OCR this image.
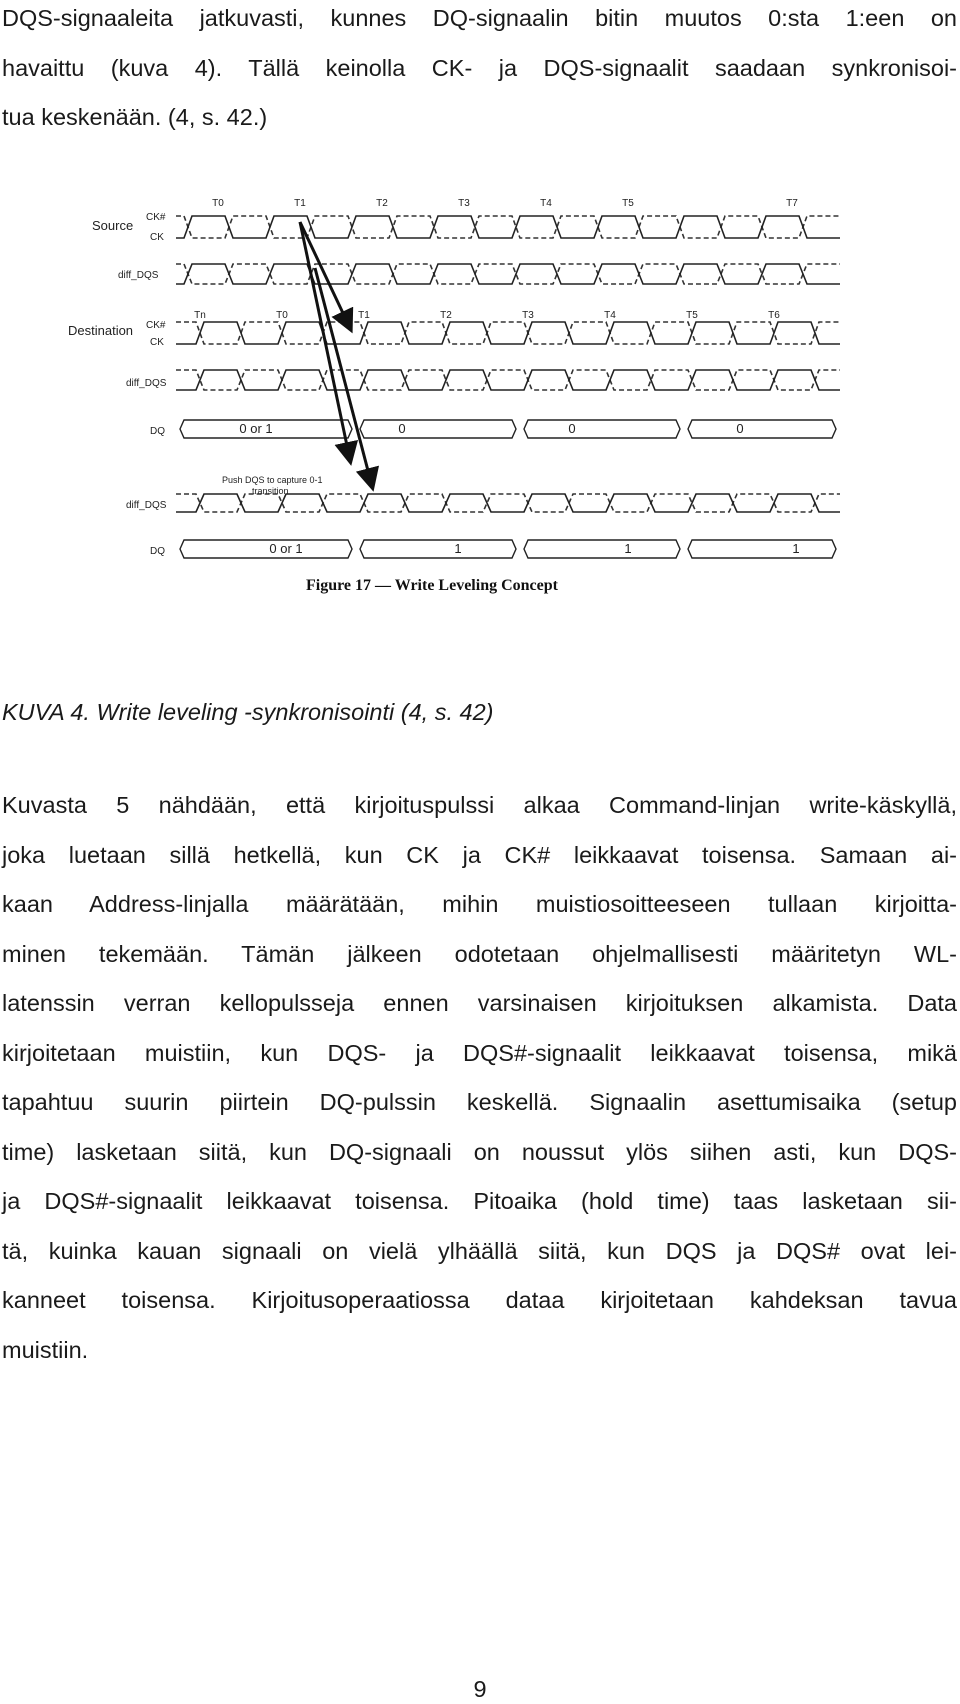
DQS-signaaleita jatkuvasti, kunnes DQ-signaalin bitin muutos 0:sta 1:een on
havaittu (kuva 4). Tällä keinolla CK- ja DQS-signaalit saadaan synkronisoi-
tua keskenään. (4, s. 42.)

Source
CK#
CK
diff_DQS
Destination CK#
CK
diff_DQS
DQ
diff_DQS
DQ
Push DQS to capture 0-1
transition
Figure 17 — Write Leveling Concept
T0	T1	T2	T3	T4	T5	T7
Tn	T0	T1	T2	T3	T4	T5	T6
0 or 1	0	0	0
0 or 1	1	1	1

KUVA 4. Write leveling -synkronisointi (4, s. 42)

Kuvasta 5 nähdään, että kirjoituspulssi alkaa Command-linjan write-käskyllä,
joka luetaan sillä hetkellä, kun CK ja CK# leikkaavat toisensa. Samaan ai-
kaan Address-linjalla määrätään, mihin muistiosoitteeseen tullaan kirjoitta-
minen tekemään. Tämän jälkeen odotetaan ohjelmallisesti määritetyn WL-
latenssin verran kellopulsseja ennen varsinaisen kirjoituksen alkamista. Data
kirjoitetaan muistiin, kun DQS- ja DQS#-signaalit leikkaavat toisensa, mikä
tapahtuu suurin piirtein DQ-pulssin keskellä. Signaalin asettumisaika (setup
time) lasketaan siitä, kun DQ-signaali on noussut ylös siihen asti, kun DQS-
ja DQS#-signaalit leikkaavat toisensa. Pitoaika (hold time) taas lasketaan sii-
tä, kuinka kauan signaali on vielä ylhäällä siitä, kun DQS ja DQS# ovat lei-
kanneet toisensa. Kirjoitusoperaatiossa dataa kirjoitetaan kahdeksan tavua
muistiin.

9
